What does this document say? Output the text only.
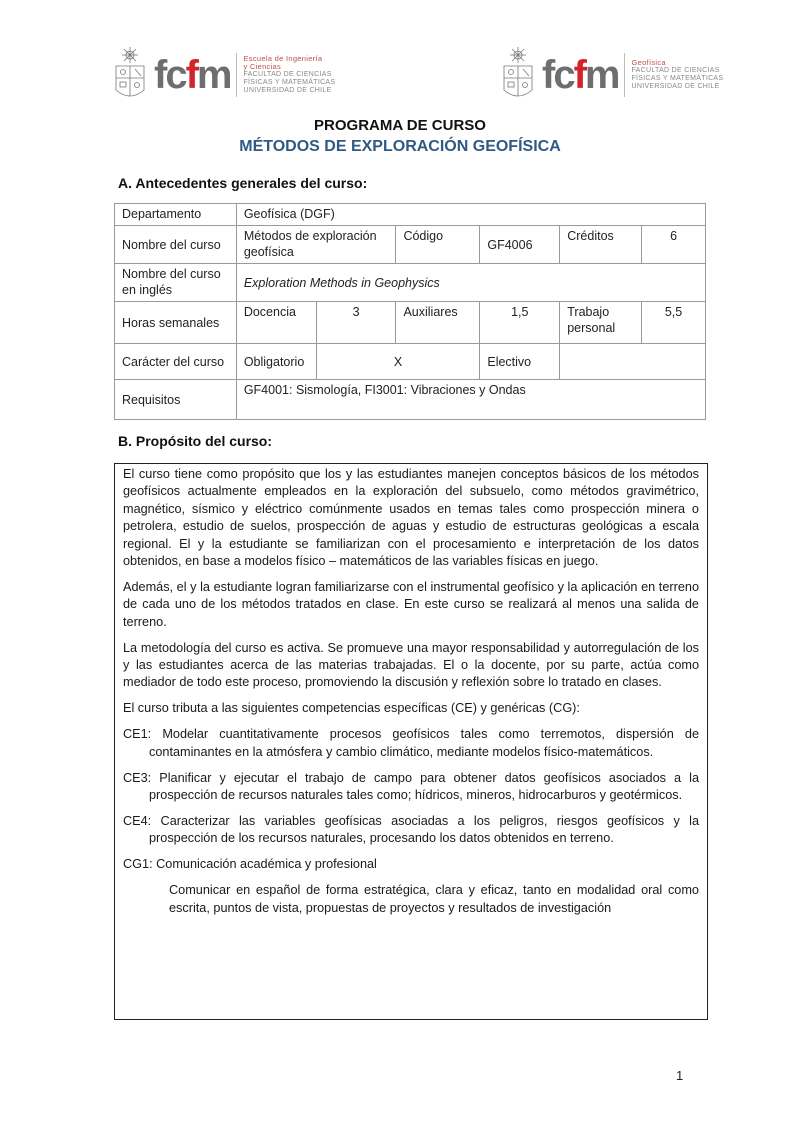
fcfm Escuela de Ingeniería
y Ciencias
FACULTAD DE CIENCIAS
FÍSICAS Y MATEMÁTICAS
UNIVERSIDAD DE CHILE	fcfm Geofísica
FACULTAD DE CIENCIAS
FÍSICAS Y MATEMÁTICAS
UNIVERSIDAD DE CHILE
PROGRAMA DE CURSO
MÉTODOS DE EXPLORACIÓN GEOFÍSICA
A. Antecedentes generales del curso:
Departamento	Geofísica (DGF)					
Nombre del curso	Métodos de exploración geofísica		Código	GF4006	Créditos	6
Nombre del curso en inglés	Exploration Methods in Geophysics					
Horas semanales	Docencia	3	Auxiliares	1,5	Trabajo personal	5,5
Carácter del curso	Obligatorio	X		Electivo		
Requisitos	GF4001: Sismología, FI3001: Vibraciones y Ondas					
B. Propósito del curso:

El curso tiene como propósito que los y las estudiantes manejen conceptos básicos de los métodos geofísicos actualmente empleados en la exploración del subsuelo, como métodos gravimétrico, magnético, sísmico y eléctrico comúnmente usados en temas tales como prospección minera o petrolera, estudio de suelos, prospección de aguas y estudio de estructuras geológicas a escala regional. El y la estudiante se familiarizan con el procesamiento e interpretación de los datos obtenidos, en base a modelos físico – matemáticos de las variables físicas en juego.

Además, el y la estudiante logran familiarizarse con el instrumental geofísico y la aplicación en terreno de cada uno de los métodos tratados en clase. En este curso se realizará al menos una salida de terreno.

La metodología del curso es activa. Se promueve una mayor responsabilidad y autorregulación de los y las estudiantes acerca de las materias trabajadas. El o la docente, por su parte, actúa como mediador de todo este proceso, promoviendo la discusión y reflexión sobre lo tratado en clases.

El curso tributa a las siguientes competencias específicas (CE) y genéricas (CG):

CE1: Modelar cuantitativamente procesos geofísicos tales como terremotos, dispersión de contaminantes en la atmósfera y cambio climático, mediante modelos físico-matemáticos.

CE3: Planificar y ejecutar el trabajo de campo para obtener datos geofísicos asociados a la prospección de recursos naturales tales como; hídricos, mineros, hidrocarburos y geotérmicos.

CE4: Caracterizar las variables geofísicas asociadas a los peligros, riesgos geofísicos y la prospección de los recursos naturales, procesando los datos obtenidos en terreno.

CG1: Comunicación académica y profesional

Comunicar en español de forma estratégica, clara y eficaz, tanto en modalidad oral como escrita, puntos de vista, propuestas de proyectos y resultados de investigación

1
